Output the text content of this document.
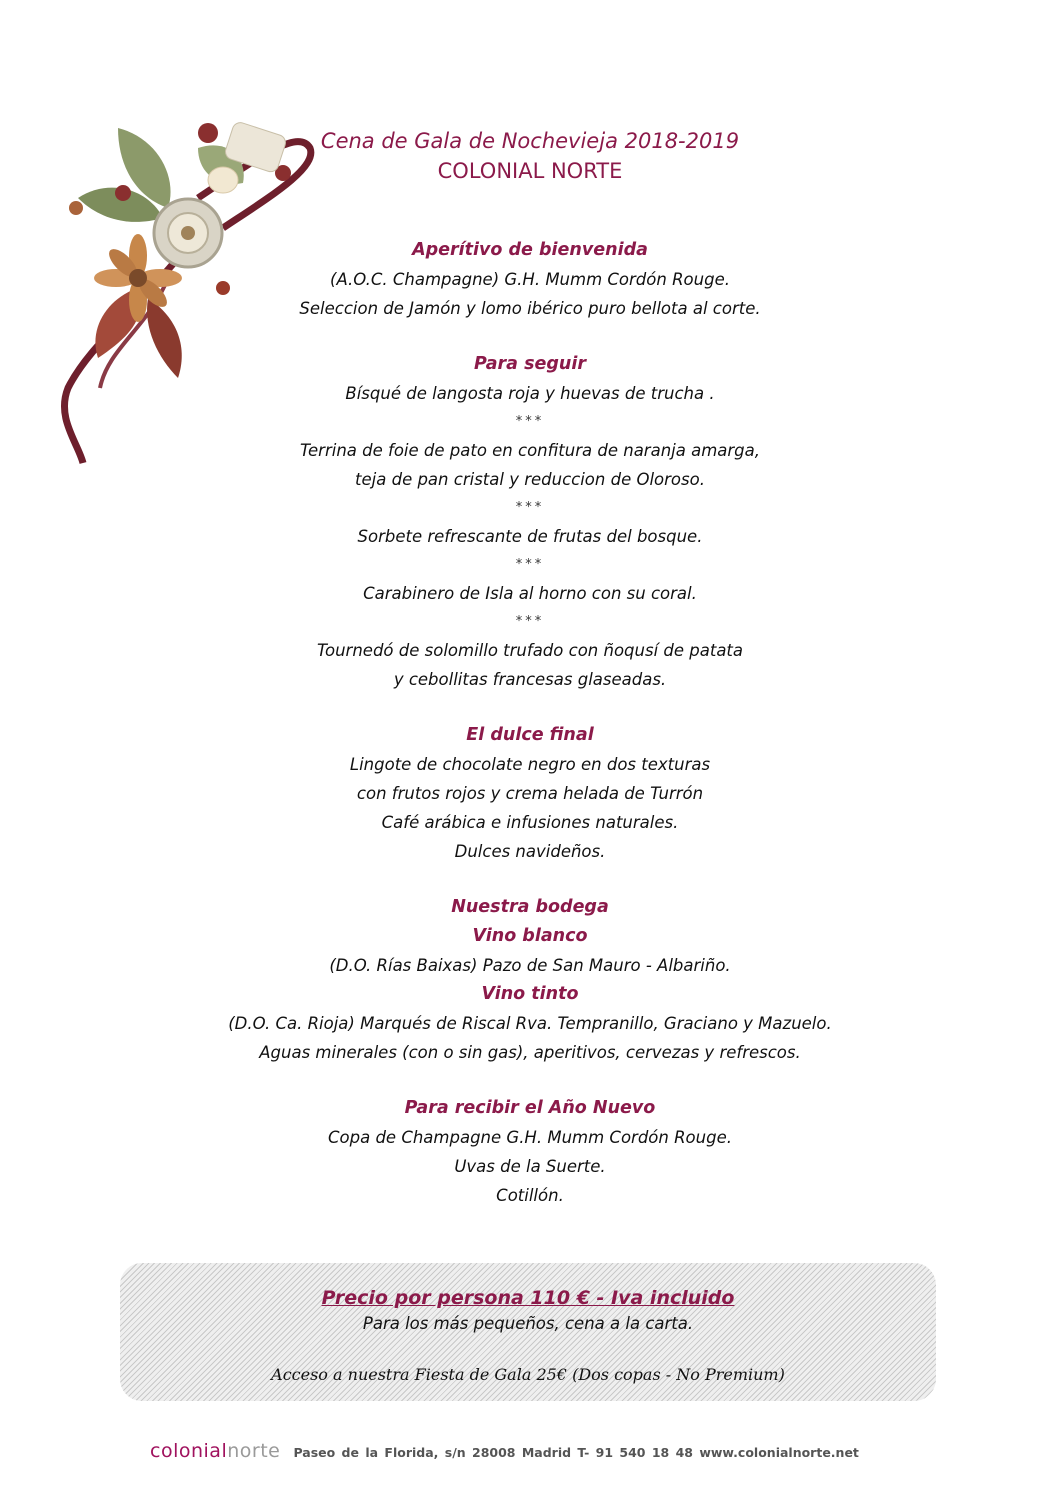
Cena de Gala de Nochevieja 2018-2019
COLONIAL NORTE
Aperítivo de bienvenida
(A.O.C. Champagne) G.H. Mumm Cordón Rouge.
Seleccion de Jamón y lomo ibérico puro bellota al corte.
Para seguir
Bísqué de langosta roja y huevas de trucha .
***
Terrina de foie de pato en confitura de naranja amarga,
teja de pan cristal y reduccion de Oloroso.
***
Sorbete refrescante de frutas del bosque.
***
Carabinero de Isla al horno con su coral.
***
Tournedó de solomillo trufado con ñoqusí de patata
y cebollitas francesas glaseadas.
El dulce final
Lingote de chocolate negro en dos texturas
con frutos rojos y crema helada de Turrón
Café arábica e infusiones naturales.
Dulces navideños.
Nuestra bodega
Vino blanco
(D.O. Rías Baixas) Pazo de San Mauro - Albariño.
Vino tinto
(D.O. Ca. Rioja) Marqués de Riscal Rva. Tempranillo, Graciano y Mazuelo.
Aguas minerales (con o sin gas), aperitivos, cervezas y refrescos.
Para recibir el Año Nuevo
Copa de Champagne G.H. Mumm Cordón Rouge.
Uvas de la Suerte.
Cotillón.
Precio por persona 110 € - Iva incluido
Para los más pequeños, cena a la carta.
Acceso a nuestra Fiesta de Gala 25€ (Dos copas - No Premium)
colonialnorte Paseo de la Florida, s/n 28008 Madrid T- 91 540 18 48 www.colonialnorte.net
